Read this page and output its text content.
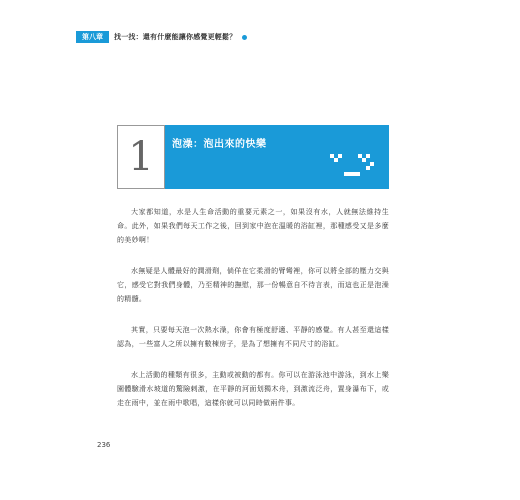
第八章	找一找：還有什麼能讓你感覺更輕鬆？
1 泡澡：泡出來的快樂

大家都知道，水是人生命活動的重要元素之一，如果沒有水，人就無法維持生命。此外，如果我們每天工作之後，回到家中泡在溫暖的浴缸裡，那種感受又是多麼的美妙啊！

水無疑是人體最好的潤滑劑，倘佯在它柔滑的臂彎裡，你可以將全部的壓力交與它，感受它對我們身體，乃至精神的撫慰，那一份暢意自不待言表，而這也正是泡澡的精髓。

其實，只要每天泡一次熱水澡，你會有極度舒適、平靜的感覺。有人甚至還這樣認為，一些富人之所以擁有數棟房子，是為了想擁有不同尺寸的浴缸。

水上活動的種類有很多，主動或被動的都有。你可以在游泳池中游泳，到水上樂園體驗滑水坡道的驚險刺激，在平靜的河面划獨木舟，到激流泛舟，置身瀑布下，或走在雨中，並在雨中歌唱，這樣你就可以同時做兩件事。

236
